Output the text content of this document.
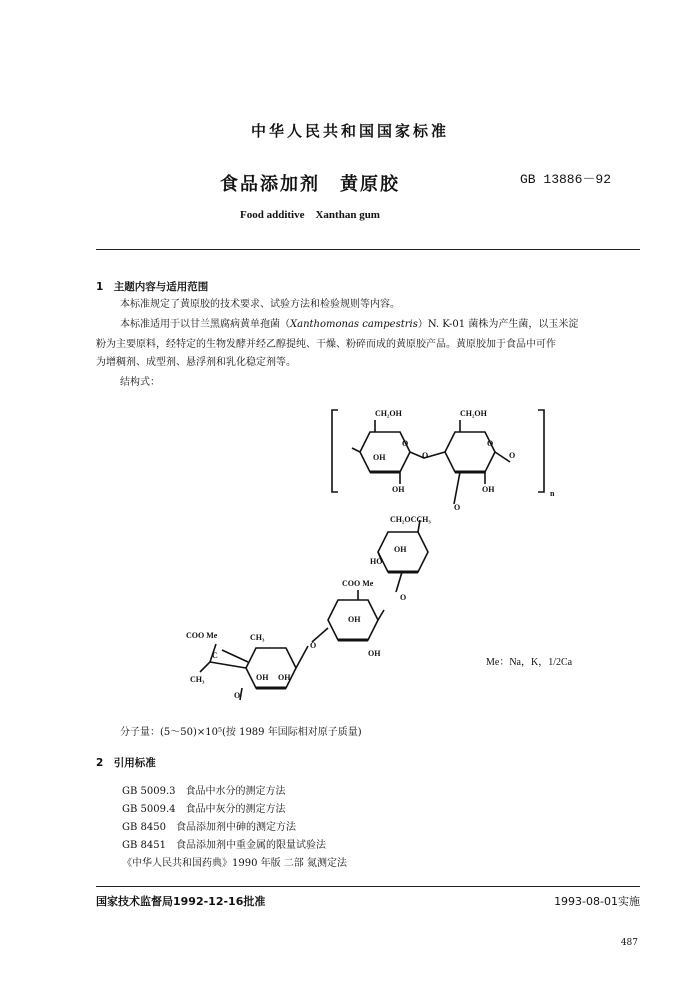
中华人民共和国国家标准
食品添加剂　黄原胶	GB 13886－92
Food additive　Xanthan gum
1　主题内容与适用范围
本标准规定了黄原胶的技术要求、试验方法和检验规则等内容。
本标准适用于以甘兰黑腐病黄单孢菌（Xanthomonas campestris）N. K-01 菌株为产生菌，以玉米淀
粉为主要原料，经特定的生物发酵并经乙醇提纯、干燥、粉碎而成的黄原胶产品。黄原胶加于食品中可作
为增稠剂、成型剂、悬浮剂和乳化稳定剂等。
结构式：
CH₂OH	CH₂OH
O	O
OH
OH	OH
O	O
n
O
CH₂OCCH₃
OH
HO
O
COO Me
OH
OH
O
COO Me	CH₃
C
CH₃	OH OH
O
Me：Na，K，1/2Ca
分子量：(5～50)×10⁵(按 1989 年国际相对原子质量)
2　引用标准
GB 5009.3　食品中水分的测定方法
GB 5009.4　食品中灰分的测定方法
GB 8450　食品添加剂中砷的测定方法
GB 8451　食品添加剂中重金属的限量试验法
《中华人民共和国药典》1990 年版 二部 氮测定法
国家技术监督局1992-12-16批准	1993-08-01实施
487
